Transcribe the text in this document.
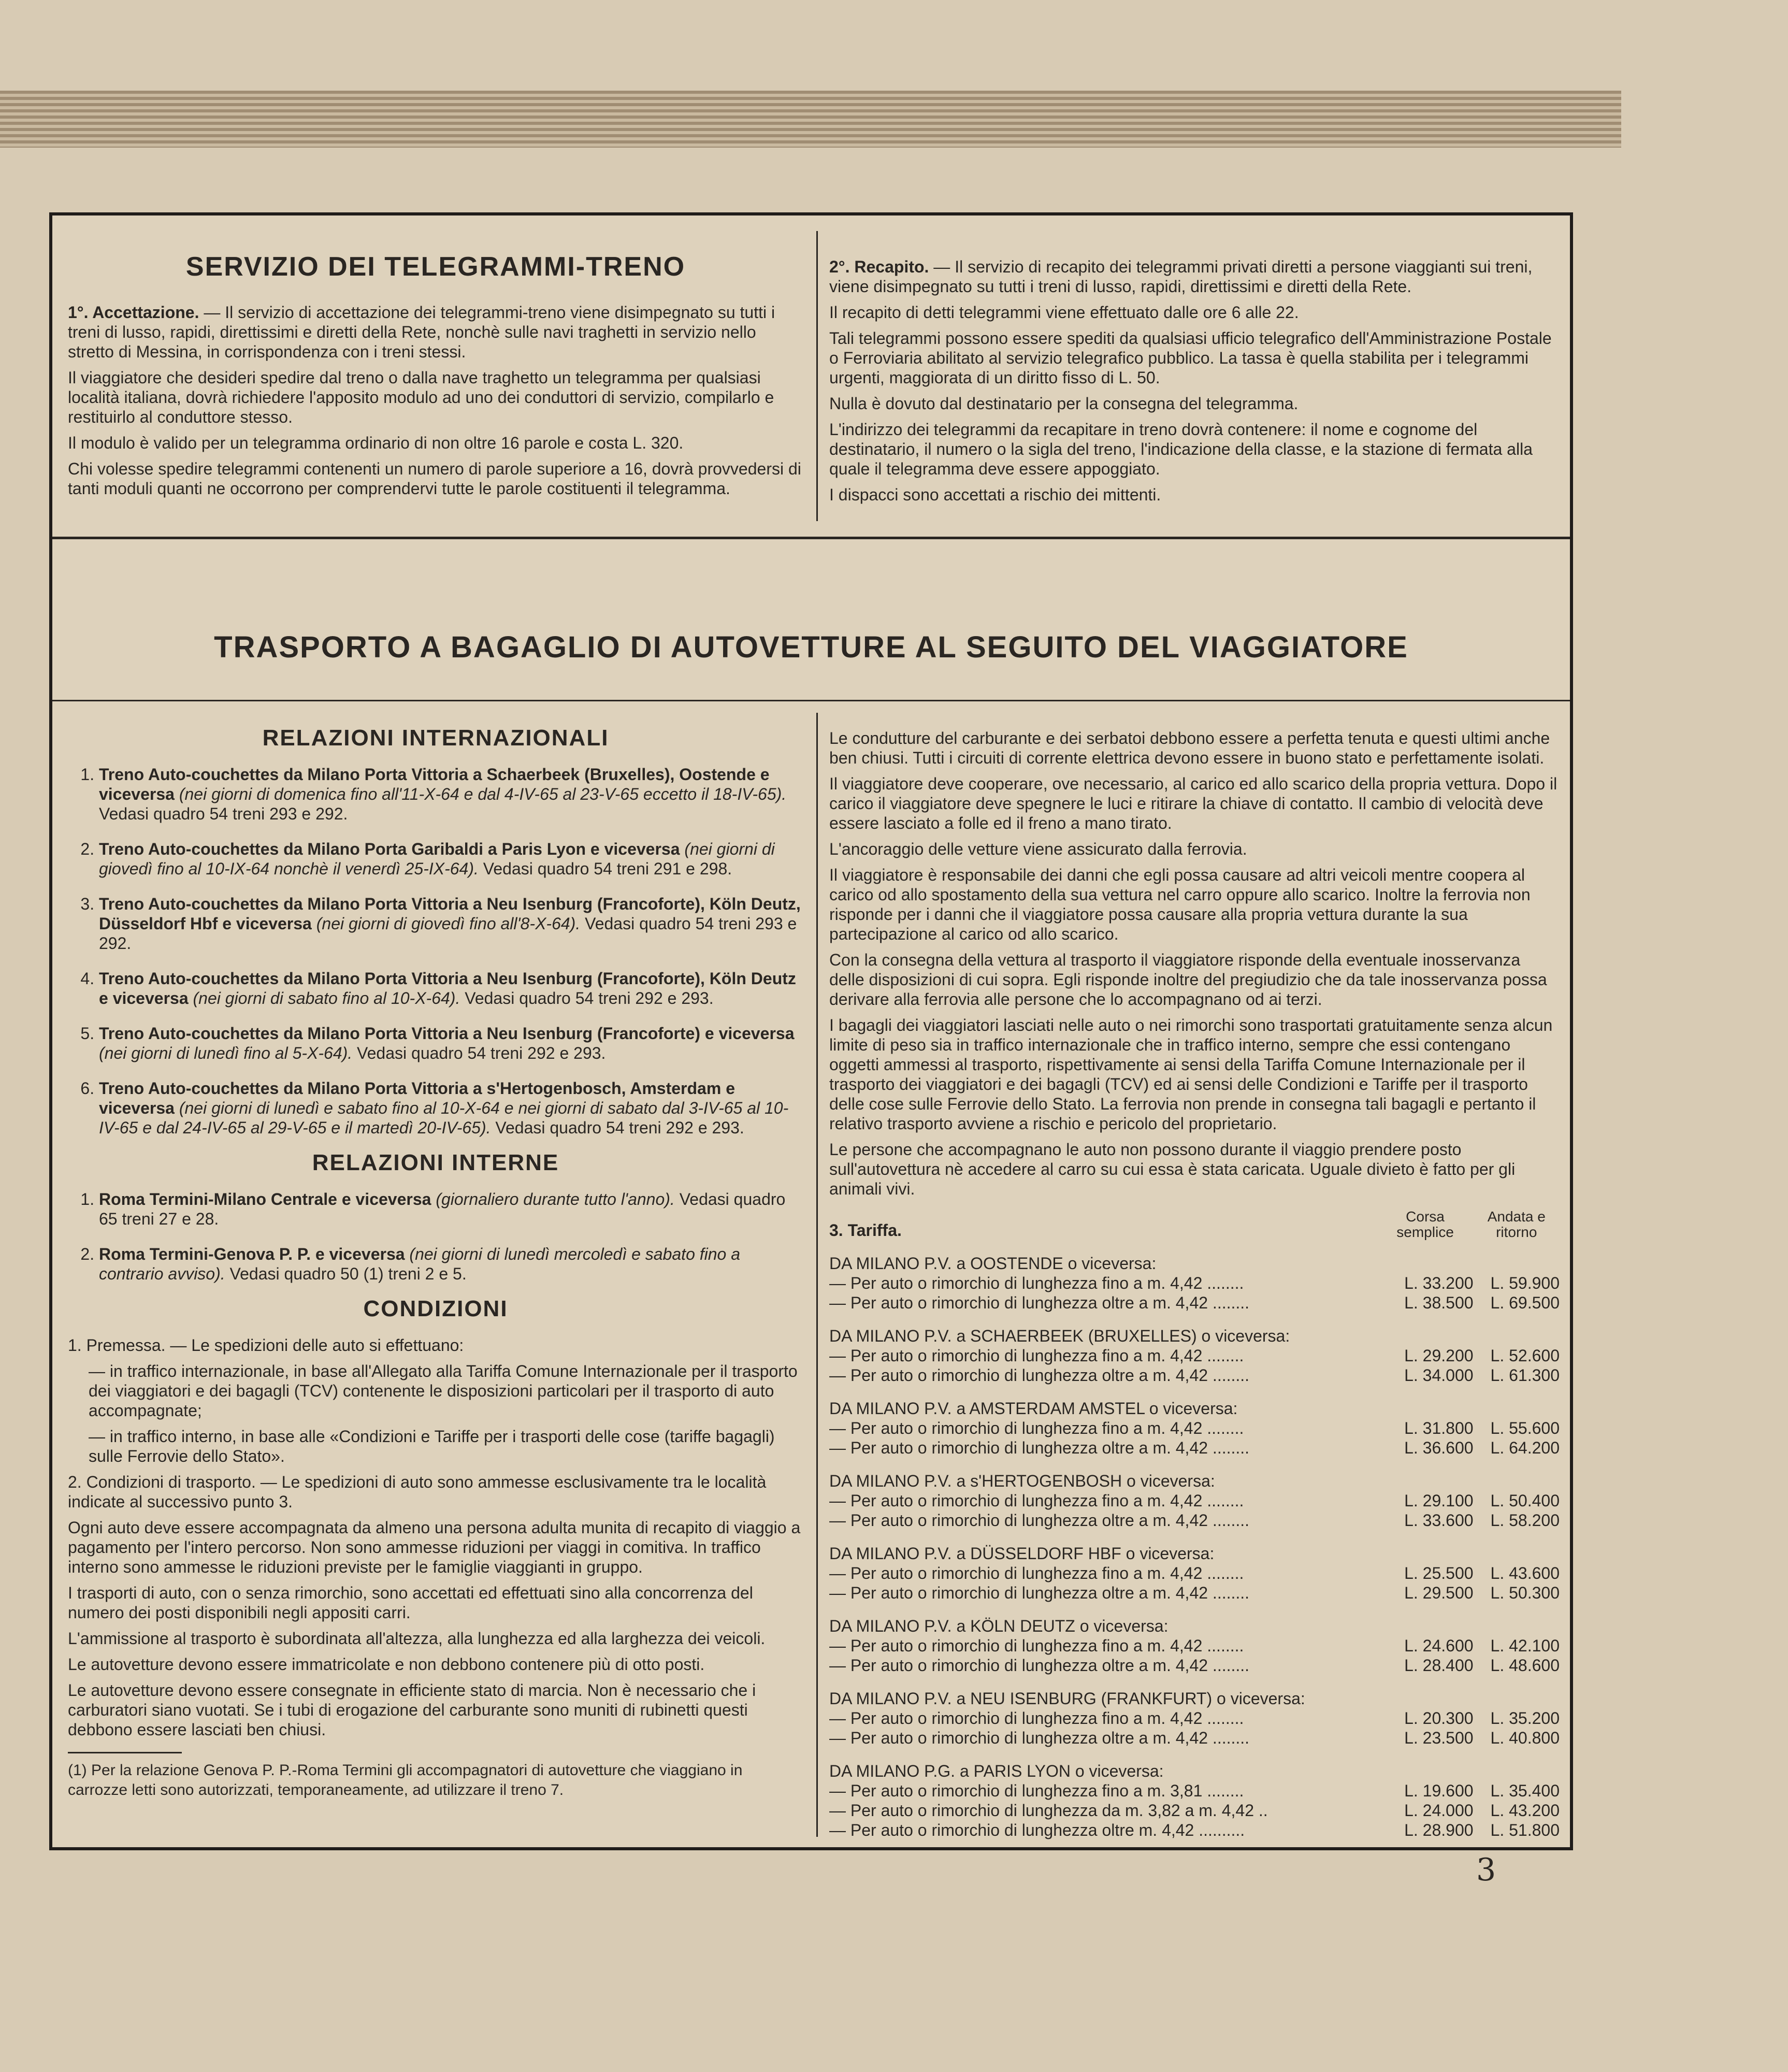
SERVIZIO DEI TELEGRAMMI-TRENO

1°. Accettazione. — Il servizio di accettazione dei telegrammi-treno viene disimpegnato su tutti i treni di lusso, rapidi, direttissimi e diretti della Rete, nonchè sulle navi traghetti in servizio nello stretto di Messina, in corrispondenza con i treni stessi.

Il viaggiatore che desideri spedire dal treno o dalla nave traghetto un telegramma per qualsiasi località italiana, dovrà richiedere l'apposito modulo ad uno dei conduttori di servizio, compilarlo e restituirlo al conduttore stesso.

Il modulo è valido per un telegramma ordinario di non oltre 16 parole e costa L. 320.

Chi volesse spedire telegrammi contenenti un numero di parole superiore a 16, dovrà provvedersi di tanti moduli quanti ne occorrono per comprendervi tutte le parole costituenti il telegramma.

2°. Recapito. — Il servizio di recapito dei telegrammi privati diretti a persone viaggianti sui treni, viene disimpegnato su tutti i treni di lusso, rapidi, direttissimi e diretti della Rete.

Il recapito di detti telegrammi viene effettuato dalle ore 6 alle 22.

Tali telegrammi possono essere spediti da qualsiasi ufficio telegrafico dell'Amministrazione Postale o Ferroviaria abilitato al servizio telegrafico pubblico. La tassa è quella stabilita per i telegrammi urgenti, maggiorata di un diritto fisso di L. 50.

Nulla è dovuto dal destinatario per la consegna del telegramma.

L'indirizzo dei telegrammi da recapitare in treno dovrà contenere: il nome e cognome del destinatario, il numero o la sigla del treno, l'indicazione della classe, e la stazione di fermata alla quale il telegramma deve essere appoggiato.

I dispacci sono accettati a rischio dei mittenti.

TRASPORTO A BAGAGLIO DI AUTOVETTURE AL SEGUITO DEL VIAGGIATORE
RELAZIONI INTERNAZIONALI
1. Treno Auto-couchettes da Milano Porta Vittoria a Schaerbeek (Bruxelles), Oostende e viceversa (nei giorni di domenica fino all'11-X-64 e dal 4-IV-65 al 23-V-65 eccetto il 18-IV-65). Vedasi quadro 54 treni 293 e 292.
2. Treno Auto-couchettes da Milano Porta Garibaldi a Paris Lyon e viceversa (nei giorni di giovedì fino al 10-IX-64 nonchè il venerdì 25-IX-64). Vedasi quadro 54 treni 291 e 298.
3. Treno Auto-couchettes da Milano Porta Vittoria a Neu Isenburg (Francoforte), Köln Deutz, Düsseldorf Hbf e viceversa (nei giorni di giovedì fino all'8-X-64). Vedasi quadro 54 treni 293 e 292.
4. Treno Auto-couchettes da Milano Porta Vittoria a Neu Isenburg (Francoforte), Köln Deutz e viceversa (nei giorni di sabato fino al 10-X-64). Vedasi quadro 54 treni 292 e 293.
5. Treno Auto-couchettes da Milano Porta Vittoria a Neu Isenburg (Francoforte) e viceversa (nei giorni di lunedì fino al 5-X-64). Vedasi quadro 54 treni 292 e 293.
6. Treno Auto-couchettes da Milano Porta Vittoria a s'Hertogenbosch, Amsterdam e viceversa (nei giorni di lunedì e sabato fino al 10-X-64 e nei giorni di sabato dal 3-IV-65 al 10-IV-65 e dal 24-IV-65 al 29-V-65 e il martedì 20-IV-65). Vedasi quadro 54 treni 292 e 293.
RELAZIONI INTERNE
1. Roma Termini-Milano Centrale e viceversa (giornaliero durante tutto l'anno). Vedasi quadro 65 treni 27 e 28.
2. Roma Termini-Genova P. P. e viceversa (nei giorni di lunedì mercoledì e sabato fino a contrario avviso). Vedasi quadro 50 (1) treni 2 e 5.
CONDIZIONI

1. Premessa. — Le spedizioni delle auto si effettuano:

— in traffico internazionale, in base all'Allegato alla Tariffa Comune Internazionale per il trasporto dei viaggiatori e dei bagagli (TCV) contenente le disposizioni particolari per il trasporto di auto accompagnate;

— in traffico interno, in base alle «Condizioni e Tariffe per i trasporti delle cose (tariffe bagagli) sulle Ferrovie dello Stato».

2. Condizioni di trasporto. — Le spedizioni di auto sono ammesse esclusivamente tra le località indicate al successivo punto 3.

Ogni auto deve essere accompagnata da almeno una persona adulta munita di recapito di viaggio a pagamento per l'intero percorso. Non sono ammesse riduzioni per viaggi in comitiva. In traffico interno sono ammesse le riduzioni previste per le famiglie viaggianti in gruppo.

I trasporti di auto, con o senza rimorchio, sono accettati ed effettuati sino alla concorrenza del numero dei posti disponibili negli appositi carri.

L'ammissione al trasporto è subordinata all'altezza, alla lunghezza ed alla larghezza dei veicoli.

Le autovetture devono essere immatricolate e non debbono contenere più di otto posti.

Le autovetture devono essere consegnate in efficiente stato di marcia. Non è necessario che i carburatori siano vuotati. Se i tubi di erogazione del carburante sono muniti di rubinetti questi debbono essere lasciati ben chiusi.

(1) Per la relazione Genova P. P.-Roma Termini gli accompagnatori di autovetture che viaggiano in carrozze letti sono autorizzati, temporaneamente, ad utilizzare il treno 7.

Le condutture del carburante e dei serbatoi debbono essere a perfetta tenuta e questi ultimi anche ben chiusi. Tutti i circuiti di corrente elettrica devono essere in buono stato e perfettamente isolati.

Il viaggiatore deve cooperare, ove necessario, al carico ed allo scarico della propria vettura. Dopo il carico il viaggiatore deve spegnere le luci e ritirare la chiave di contatto. Il cambio di velocità deve essere lasciato a folle ed il freno a mano tirato.

L'ancoraggio delle vetture viene assicurato dalla ferrovia.

Il viaggiatore è responsabile dei danni che egli possa causare ad altri veicoli mentre coopera al carico od allo spostamento della sua vettura nel carro oppure allo scarico. Inoltre la ferrovia non risponde per i danni che il viaggiatore possa causare alla propria vettura durante la sua partecipazione al carico od allo scarico.

Con la consegna della vettura al trasporto il viaggiatore risponde della eventuale inosservanza delle disposizioni di cui sopra. Egli risponde inoltre del pregiudizio che da tale inosservanza possa derivare alla ferrovia alle persone che lo accompagnano od ai terzi.

I bagagli dei viaggiatori lasciati nelle auto o nei rimorchi sono trasportati gratuitamente senza alcun limite di peso sia in traffico internazionale che in traffico interno, sempre che essi contengano oggetti ammessi al trasporto, rispettivamente ai sensi della Tariffa Comune Internazionale per il trasporto dei viaggiatori e dei bagagli (TCV) ed ai sensi delle Condizioni e Tariffe per il trasporto delle cose sulle Ferrovie dello Stato. La ferrovia non prende in consegna tali bagagli e pertanto il relativo trasporto avviene a rischio e pericolo del proprietario.

Le persone che accompagnano le auto non possono durante il viaggio prendere posto sull'autovettura nè accedere al carro su cui essa è stata caricata. Uguale divieto è fatto per gli animali vivi.

3. Tariffa.
Corsa semplice
Andata e ritorno
DA MILANO P.V. a OOSTENDE o viceversa:
— Per auto o rimorchio di lunghezza fino a m. 4,42 ........	L. 33.200	L. 59.900
— Per auto o rimorchio di lunghezza oltre a m. 4,42 ........	L. 38.500	L. 69.500
DA MILANO P.V. a SCHAERBEEK (BRUXELLES) o viceversa:
— Per auto o rimorchio di lunghezza fino a m. 4,42 ........	L. 29.200	L. 52.600
— Per auto o rimorchio di lunghezza oltre a m. 4,42 ........	L. 34.000	L. 61.300
DA MILANO P.V. a AMSTERDAM AMSTEL o viceversa:
— Per auto o rimorchio di lunghezza fino a m. 4,42 ........	L. 31.800	L. 55.600
— Per auto o rimorchio di lunghezza oltre a m. 4,42 ........	L. 36.600	L. 64.200
DA MILANO P.V. a s'HERTOGENBOSH o viceversa:
— Per auto o rimorchio di lunghezza fino a m. 4,42 ........	L. 29.100	L. 50.400
— Per auto o rimorchio di lunghezza oltre a m. 4,42 ........	L. 33.600	L. 58.200
DA MILANO P.V. a DÜSSELDORF HBF o viceversa:
— Per auto o rimorchio di lunghezza fino a m. 4,42 ........	L. 25.500	L. 43.600
— Per auto o rimorchio di lunghezza oltre a m. 4,42 ........	L. 29.500	L. 50.300
DA MILANO P.V. a KÖLN DEUTZ o viceversa:
— Per auto o rimorchio di lunghezza fino a m. 4,42 ........	L. 24.600	L. 42.100
— Per auto o rimorchio di lunghezza oltre a m. 4,42 ........	L. 28.400	L. 48.600
DA MILANO P.V. a NEU ISENBURG (FRANKFURT) o viceversa:
— Per auto o rimorchio di lunghezza fino a m. 4,42 ........	L. 20.300	L. 35.200
— Per auto o rimorchio di lunghezza oltre a m. 4,42 ........	L. 23.500	L. 40.800
DA MILANO P.G. a PARIS LYON o viceversa:
— Per auto o rimorchio di lunghezza fino a m. 3,81 ........	L. 19.600	L. 35.400
— Per auto o rimorchio di lunghezza da m. 3,82 a m. 4,42 ..	L. 24.000	L. 43.200
— Per auto o rimorchio di lunghezza oltre m. 4,42 ..........	L. 28.900	L. 51.800
3
